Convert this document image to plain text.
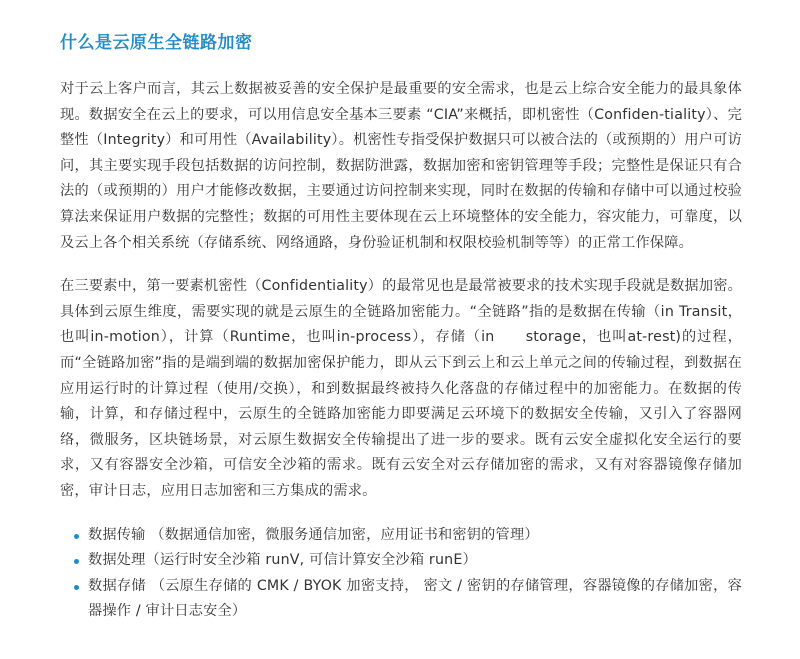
什么是云原生全链路加密

对于云上客户而言，其云上数据被妥善的安全保护是最重要的安全需求，也是云上综合安全能力的最具象体现。数据安全在云上的要求，可以用信息安全基本三要素 “CIA”来概括，即机密性（Confiden-tiality）、完整性（Integrity）和可用性（Availability）。机密性专指受保护数据只可以被合法的（或预期的）用户可访问，其主要实现手段包括数据的访问控制，数据防泄露，数据加密和密钥管理等手段；完整性是保证只有合法的（或预期的）用户才能修改数据，主要通过访问控制来实现，同时在数据的传输和存储中可以通过校验算法来保证用户数据的完整性；数据的可用性主要体现在云上环境整体的安全能力，容灾能力，可靠度，以及云上各个相关系统（存储系统、网络通路，身份验证机制和权限校验机制等等）的正常工作保障。

在三要素中，第一要素机密性（Confidentiality）的最常见也是最常被要求的技术实现手段就是数据加密。具体到云原生维度，需要实现的就是云原生的全链路加密能力。“全链路”指的是数据在传输（in Transit，也叫in-motion），计算（Runtime，也叫in-process），存储（in　　storage，也叫at-rest)的过程，而“全链路加密”指的是端到端的数据加密保护能力，即从云下到云上和云上单元之间的传输过程，到数据在应用运行时的计算过程（使用/交换），和到数据最终被持久化落盘的存储过程中的加密能力。在数据的传输，计算，和存储过程中，云原生的全链路加密能力即要满足云环境下的数据安全传输，又引入了容器网络，微服务，区块链场景，对云原生数据安全传输提出了进一步的要求。既有云安全虚拟化安全运行的要求，又有容器安全沙箱，可信安全沙箱的需求。既有云安全对云存储加密的需求，又有对容器镜像存储加密，审计日志，应用日志加密和三方集成的需求。

数据传输 （数据通信加密，微服务通信加密，应用证书和密钥的管理）
数据处理（运行时安全沙箱 runV, 可信计算安全沙箱 runE）
数据存储 （云原生存储的 CMK / BYOK 加密支持， 密文 / 密钥的存储管理，容器镜像的存储加密，容器操作 / 审计日志安全）
